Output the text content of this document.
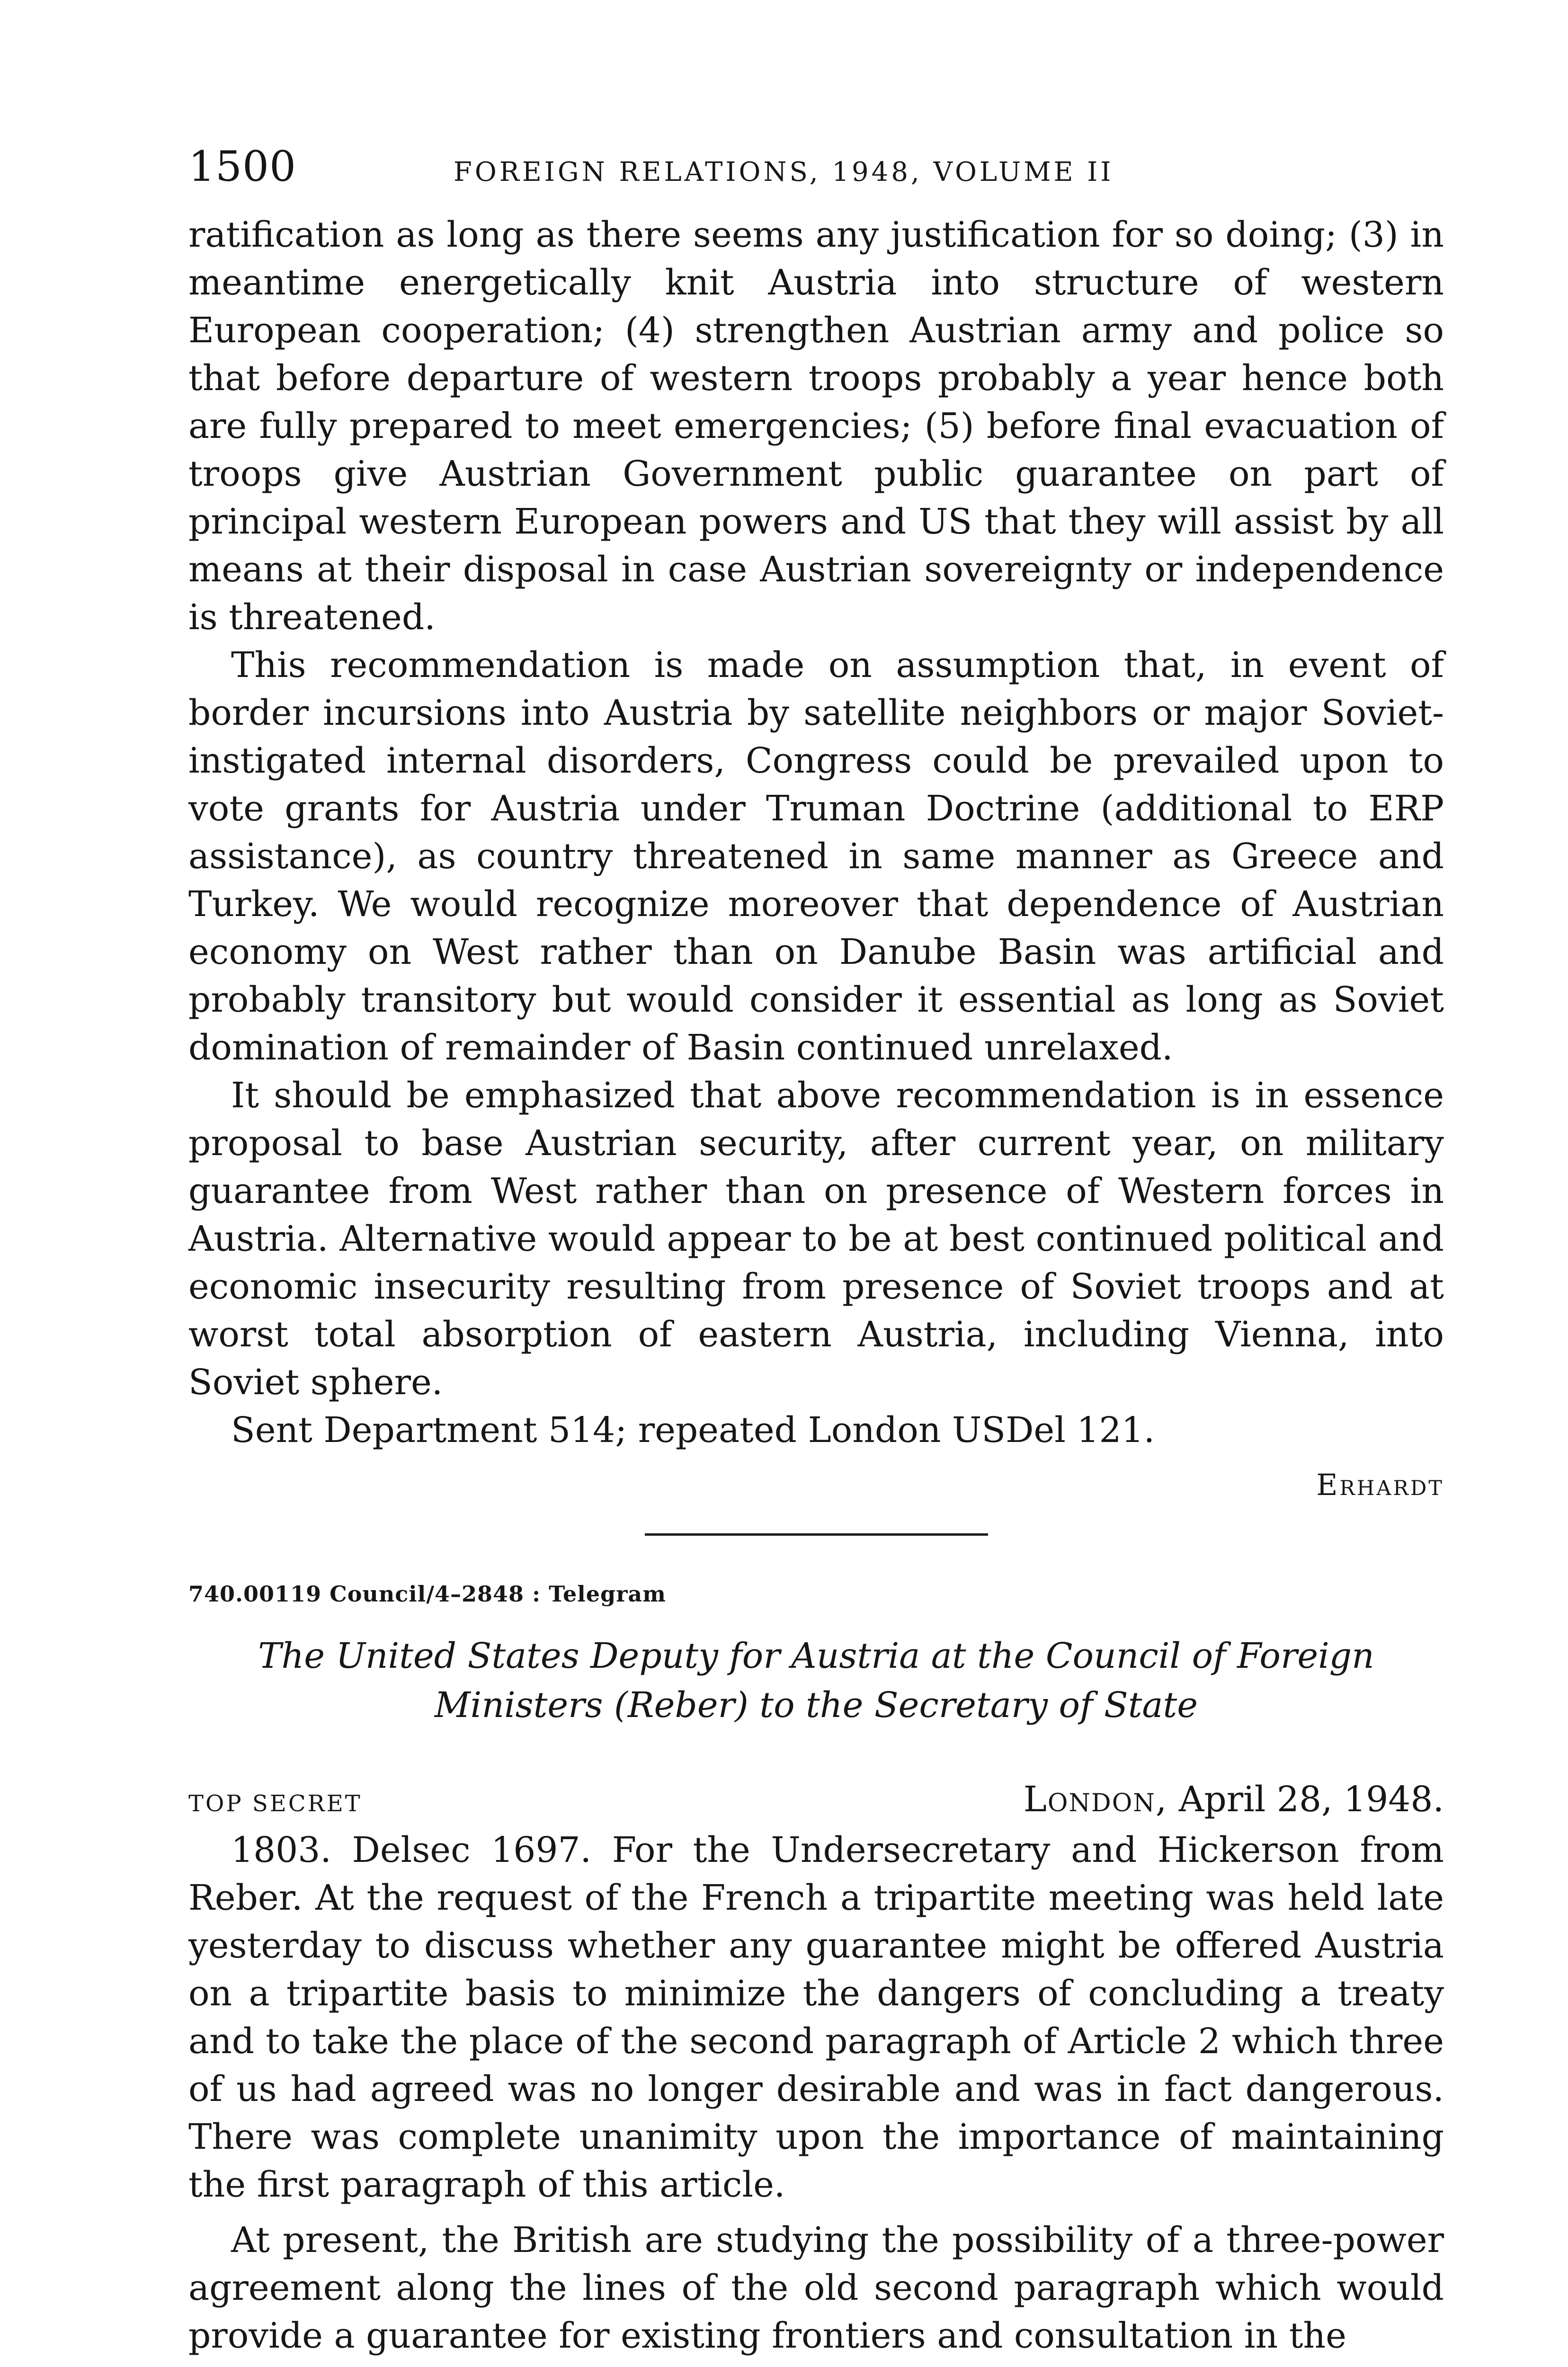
1500	FOREIGN RELATIONS, 1948, VOLUME II

ratification as long as there seems any justification for so doing; (3) in meantime energetically knit Austria into structure of western European cooperation; (4) strengthen Austrian army and police so that before departure of western troops probably a year hence both are fully prepared to meet emergencies; (5) before final evacuation of troops give Austrian Government public guarantee on part of principal western European powers and US that they will assist by all means at their disposal in case Austrian sovereignty or independence is threatened.

This recommendation is made on assumption that, in event of border incursions into Austria by satellite neighbors or major Soviet-instigated internal disorders, Congress could be prevailed upon to vote grants for Austria under Truman Doctrine (additional to ERP assistance), as country threatened in same manner as Greece and Turkey. We would recognize moreover that dependence of Austrian economy on West rather than on Danube Basin was artificial and probably transitory but would consider it essential as long as Soviet domination of remainder of Basin continued unrelaxed.

It should be emphasized that above recommendation is in essence proposal to base Austrian security, after current year, on military guarantee from West rather than on presence of Western forces in Austria. Alternative would appear to be at best continued political and economic insecurity resulting from presence of Soviet troops and at worst total absorption of eastern Austria, including Vienna, into Soviet sphere.

Sent Department 514; repeated London USDel 121.

Erhardt
740.00119 Council/4–2848 : Telegram
The United States Deputy for Austria at the Council of Foreign Ministers (Reber) to the Secretary of State
TOP SECRET	London, April 28, 1948.

1803. Delsec 1697. For the Undersecretary and Hickerson from Reber. At the request of the French a tripartite meeting was held late yesterday to discuss whether any guarantee might be offered Austria on a tripartite basis to minimize the dangers of concluding a treaty and to take the place of the second paragraph of Article 2 which three of us had agreed was no longer desirable and was in fact dangerous. There was complete unanimity upon the importance of maintaining the first paragraph of this article.

At present, the British are studying the possibility of a three-power agreement along the lines of the old second paragraph which would provide a guarantee for existing frontiers and consultation in the
